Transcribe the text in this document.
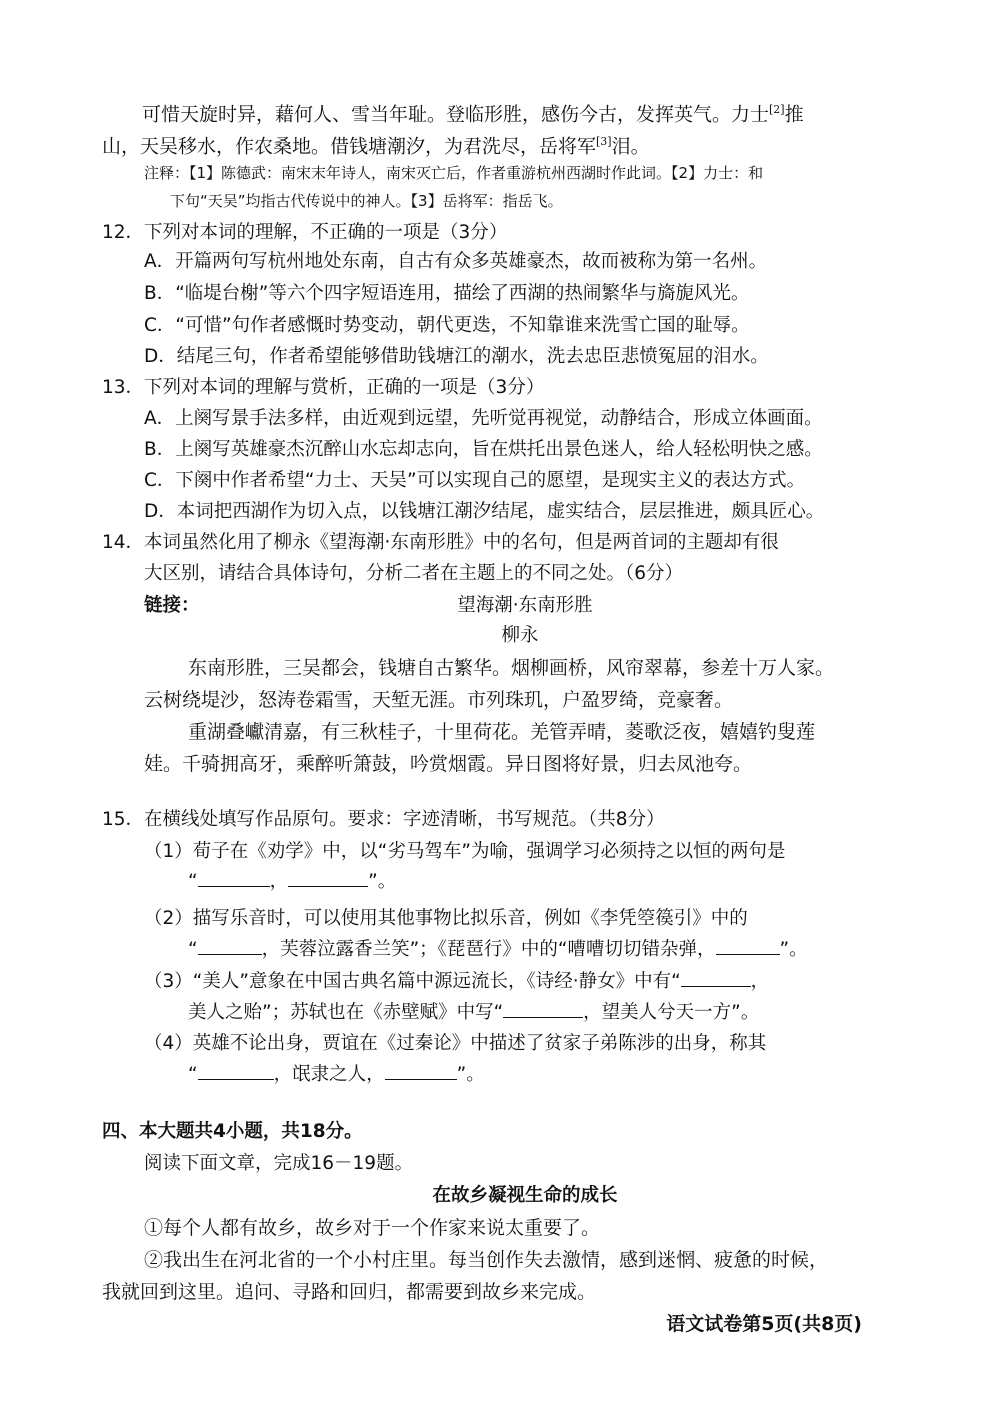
可惜天旋时异，藉何人、雪当年耻。登临形胜，感伤今古，发挥英气。力士[2]推
山，天吴移水，作农桑地。借钱塘潮汐，为君洗尽，岳将军[3]泪。
注释：【1】陈德武：南宋末年诗人，南宋灭亡后，作者重游杭州西湖时作此词。【2】力士：和
下句“天吴”均指古代传说中的神人。【3】岳将军：指岳飞。
12．下列对本词的理解，不正确的一项是（3分）
A．开篇两句写杭州地处东南，自古有众多英雄豪杰，故而被称为第一名州。
B．“临堤台榭”等六个四字短语连用，描绘了西湖的热闹繁华与旖旎风光。
C．“可惜”句作者感慨时势变动，朝代更迭，不知靠谁来洗雪亡国的耻辱。
D．结尾三句，作者希望能够借助钱塘江的潮水，洗去忠臣悲愤冤屈的泪水。
13．下列对本词的理解与赏析，正确的一项是（3分）
A．上阕写景手法多样，由近观到远望，先听觉再视觉，动静结合，形成立体画面。
B．上阕写英雄豪杰沉醉山水忘却志向，旨在烘托出景色迷人，给人轻松明快之感。
C．下阕中作者希望“力士、天吴”可以实现自己的愿望，是现实主义的表达方式。
D．本词把西湖作为切入点，以钱塘江潮汐结尾，虚实结合，层层推进，颇具匠心。
14．本词虽然化用了柳永《望海潮·东南形胜》中的名句，但是两首词的主题却有很
大区别，请结合具体诗句，分析二者在主题上的不同之处。（6分）
链接：	望海潮·东南形胜
柳永
东南形胜，三吴都会，钱塘自古繁华。烟柳画桥，风帘翠幕，参差十万人家。
云树绕堤沙，怒涛卷霜雪，天堑无涯。市列珠玑，户盈罗绮，竞豪奢。
重湖叠巘清嘉，有三秋桂子，十里荷花。羌管弄晴，菱歌泛夜，嬉嬉钓叟莲
娃。千骑拥高牙，乘醉听箫鼓，吟赏烟霞。异日图将好景，归去凤池夸。
15．在横线处填写作品原句。要求：字迹清晰，书写规范。（共8分）
（1）荀子在《劝学》中，以“劣马驾车”为喻，强调学习必须持之以恒的两句是
“	，	”。
（2）描写乐音时，可以使用其他事物比拟乐音，例如《李凭箜篌引》中的
“	，芙蓉泣露香兰笑”；《琵琶行》中的“嘈嘈切切错杂弹，	”。
（3）“美人”意象在中国古典名篇中源远流长，《诗经·静女》中有“	，
美人之贻”；苏轼也在《赤壁赋》中写“	，望美人兮天一方”。
（4）英雄不论出身，贾谊在《过秦论》中描述了贫家子弟陈涉的出身，称其
“	，氓隶之人，	”。
四、本大题共4小题，共18分。
阅读下面文章，完成16－19题。
在故乡凝视生命的成长
①每个人都有故乡，故乡对于一个作家来说太重要了。
②我出生在河北省的一个小村庄里。每当创作失去激情，感到迷惘、疲惫的时候，
我就回到这里。追问、寻路和回归，都需要到故乡来完成。
语文试卷第5页(共8页)
